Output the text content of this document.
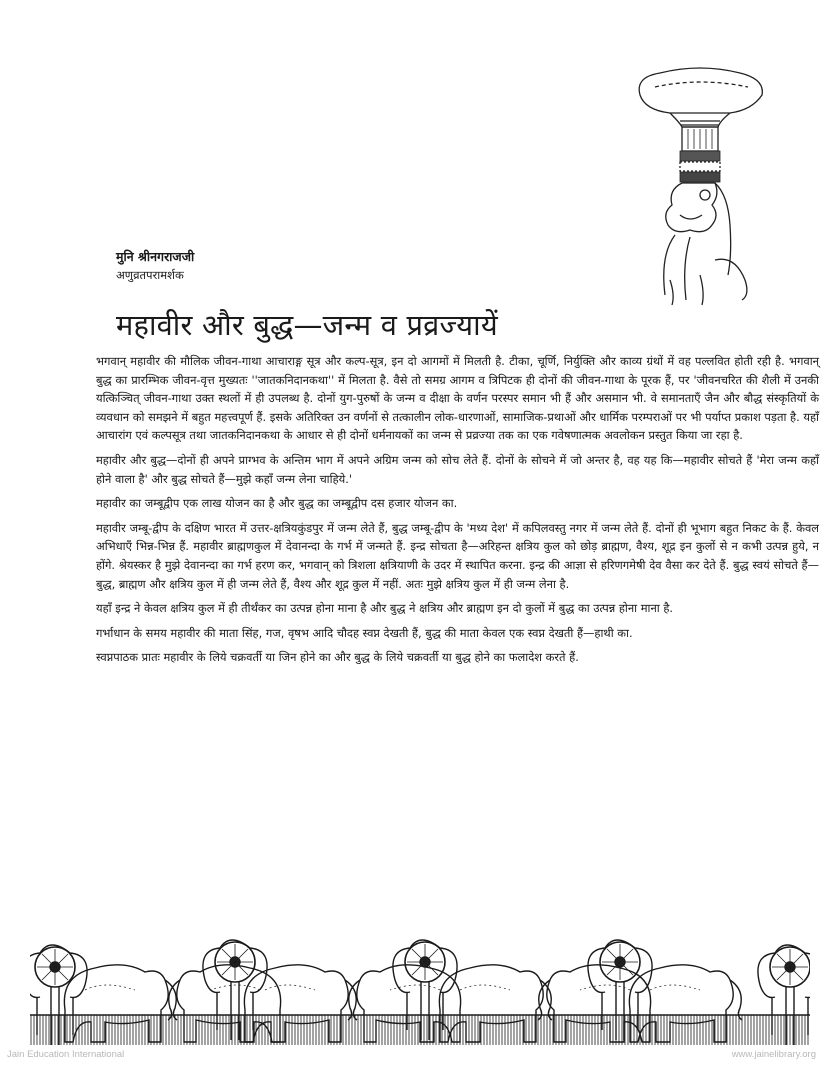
मुनि श्रीनगराजजी
अणुव्रतपरामर्शक
महावीर और बुद्ध—जन्म व प्रव्रज्यायें

भगवान् महावीर की मौलिक जीवन-गाथा आचाराङ्ग सूत्र और कल्प-सूत्र, इन दो आगमों में मिलती है. टीका, चूर्णि, निर्युक्ति और काव्य ग्रंथों में वह पल्लवित होती रही है. भगवान् बुद्ध का प्रारम्भिक जीवन-वृत्त मुख्यतः ''जातकनिदानकथा'' में मिलता है. वैसे तो समग्र आगम व त्रिपिटक ही दोनों की जीवन-गाथा के पूरक हैं, पर 'जीवनचरित की शैली में उनकी यत्किञ्चित् जीवन-गाथा उक्त स्थलों में ही उपलब्ध है. दोनों युग-पुरुषों के जन्म व दीक्षा के वर्णन परस्पर समान भी हैं और असमान भी. वे समानताएँ जैन और बौद्ध संस्कृतियों के व्यवधान को समझने में बहुत महत्त्वपूर्ण हैं. इसके अतिरिक्त उन वर्णनों से तत्कालीन लोक-धारणाओं, सामाजिक-प्रथाओं और धार्मिक परम्पराओं पर भी पर्याप्त प्रकाश पड़ता है. यहाँ आचारांग एवं कल्पसूत्र तथा जातकनिदानकथा के आधार से ही दोनों धर्मनायकों का जन्म से प्रव्रज्या तक का एक गवेषणात्मक अवलोकन प्रस्तुत किया जा रहा है.

महावीर और बुद्ध—दोनों ही अपने प्राग्भव के अन्तिम भाग में अपने अग्रिम जन्म को सोच लेते हैं. दोनों के सोचने में जो अन्तर है, वह यह कि—महावीर सोचते हैं 'मेरा जन्म कहाँ होने वाला है' और बुद्ध सोचते हैं—मुझे कहाँ जन्म लेना चाहिये.'

महावीर का जम्बूद्वीप एक लाख योजन का है और बुद्ध का जम्बूद्वीप दस हजार योजन का.

महावीर जम्बू-द्वीप के दक्षिण भारत में उत्तर-क्षत्रियकुंडपुर में जन्म लेते हैं, बुद्ध जम्बू-द्वीप के 'मध्य देश' में कपिलवस्तु नगर में जन्म लेते हैं. दोनों ही भूभाग बहुत निकट के हैं. केवल अभिधाएँ भिन्न-भिन्न हैं. महावीर ब्राह्मणकुल में देवानन्दा के गर्भ में जन्मते हैं. इन्द्र सोचता है—अरिहन्त क्षत्रिय कुल को छोड़ ब्राह्मण, वैश्य, शूद्र इन कुलों से न कभी उत्पन्न हुये, न होंगे. श्रेयस्कर है मुझे देवानन्दा का गर्भ हरण कर, भगवान् को त्रिशला क्षत्रियाणी के उदर में स्थापित करना. इन्द्र की आज्ञा से हरिणगमेषी देव वैसा कर देते हैं. बुद्ध स्वयं सोचते हैं—बुद्ध, ब्राह्मण और क्षत्रिय कुल में ही जन्म लेते हैं, वैश्य और शूद्र कुल में नहीं. अतः मुझे क्षत्रिय कुल में ही जन्म लेना है.

यहाँ इन्द्र ने केवल क्षत्रिय कुल में ही तीर्थंकर का उत्पन्न होना माना है और बुद्ध ने क्षत्रिय और ब्राह्मण इन दो कुलों में बुद्ध का उत्पन्न होना माना है.

गर्भाधान के समय महावीर की माता सिंह, गज, वृषभ आदि चौदह स्वप्न देखती हैं, बुद्ध की माता केवल एक स्वप्न देखती हैं—हाथी का.

स्वप्नपाठक प्रातः महावीर के लिये चक्रवर्ती या जिन होने का और बुद्ध के लिये चक्रवर्ती या बुद्ध होने का फलादेश करते हैं.

Jain Education International	www.jainelibrary.org
